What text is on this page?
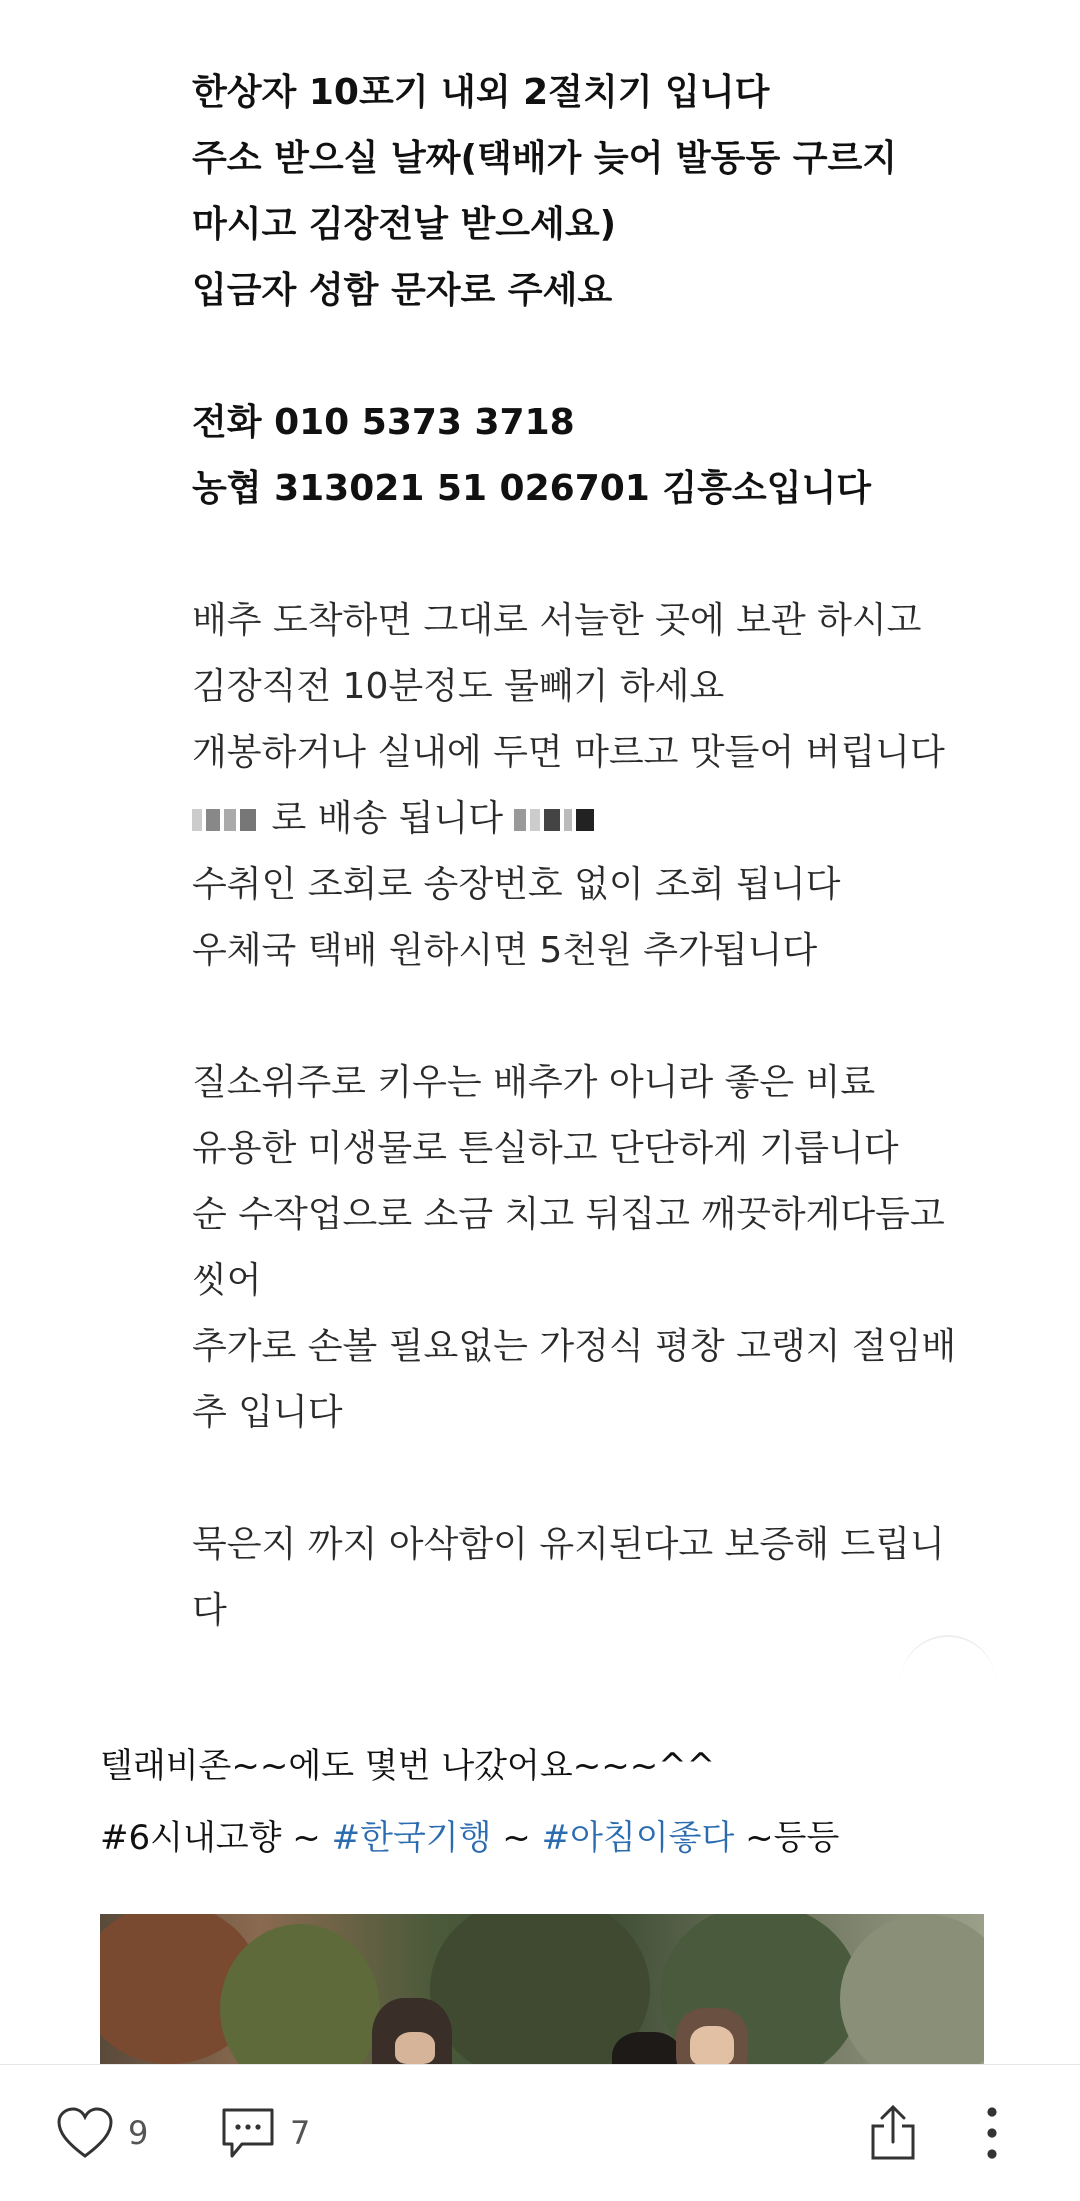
한상자 10포기 내외 2절치기 입니다
주소 받으실 날짜(택배가 늦어 발동동 구르지
마시고 김장전날 받으세요)
입금자 성함 문자로 주세요
전화 010 5373 3718
농협 313021 51 026701 김흥소입니다
배추 도착하면 그대로 서늘한 곳에 보관 하시고
김장직전 10분정도 물빼기 하세요
개봉하거나 실내에 두면 마르고 맛들어 버립니다
로 배송 됩니다
수취인 조회로 송장번호 없이 조회 됩니다
우체국 택배 원하시면 5천원 추가됩니다
질소위주로 키우는 배추가 아니라 좋은 비료
유용한 미생물로 튼실하고 단단하게 기릅니다
순 수작업으로 소금 치고 뒤집고 깨끗하게다듬고
씻어
추가로 손볼 필요없는 가정식 평창 고랭지 절임배
추 입니다
묵은지 까지 아삭함이 유지된다고 보증해 드립니
다
텔래비존~~에도 몇번 나갔어요~~~^^
#6시내고향 ~ #한국기행 ~ #아침이좋다 ~등등
9	7
